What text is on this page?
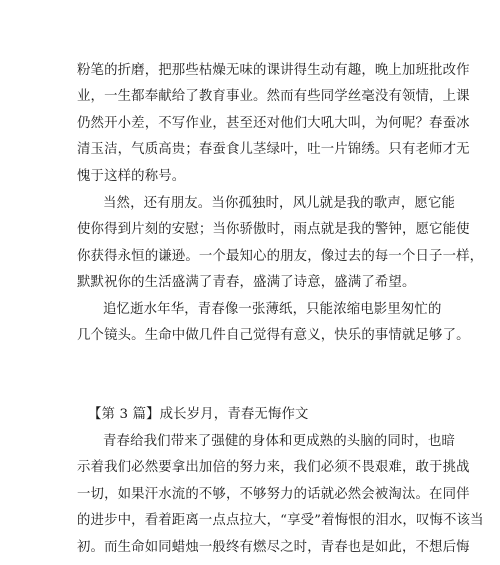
粉笔的折磨，把那些枯燥无味的课讲得生动有趣，晚上加班批改作
业，一生都奉献给了教育事业。然而有些同学丝毫没有领情，上课
仍然开小差，不写作业，甚至还对他们大吼大叫，为何呢？春蚕冰
清玉洁，气质高贵；春蚕食儿茎绿叶，吐一片锦绣。只有老师才无
愧于这样的称号。
当然，还有朋友。当你孤独时，风儿就是我的歌声，愿它能
使你得到片刻的安慰；当你骄傲时，雨点就是我的警钟，愿它能使
你获得永恒的谦逊。一个最知心的朋友，像过去的每一个日子一样，
默默祝你的生活盛满了青春，盛满了诗意，盛满了希望。
追忆逝水年华，青春像一张薄纸，只能浓缩电影里匆忙的
几个镜头。生命中做几件自己觉得有意义，快乐的事情就足够了。
【第 3 篇】成长岁月，青春无悔作文
青春给我们带来了强健的身体和更成熟的头脑的同时，也暗
示着我们必然要拿出加倍的努力来，我们必须不畏艰难，敢于挑战
一切，如果汗水流的不够，不够努力的话就必然会被淘汰。在同伴
的进步中，看着距离一点点拉大，“享受”着悔恨的泪水，叹悔不该当
初。而生命如同蜡烛一般终有燃尽之时，青春也是如此，不想后悔
